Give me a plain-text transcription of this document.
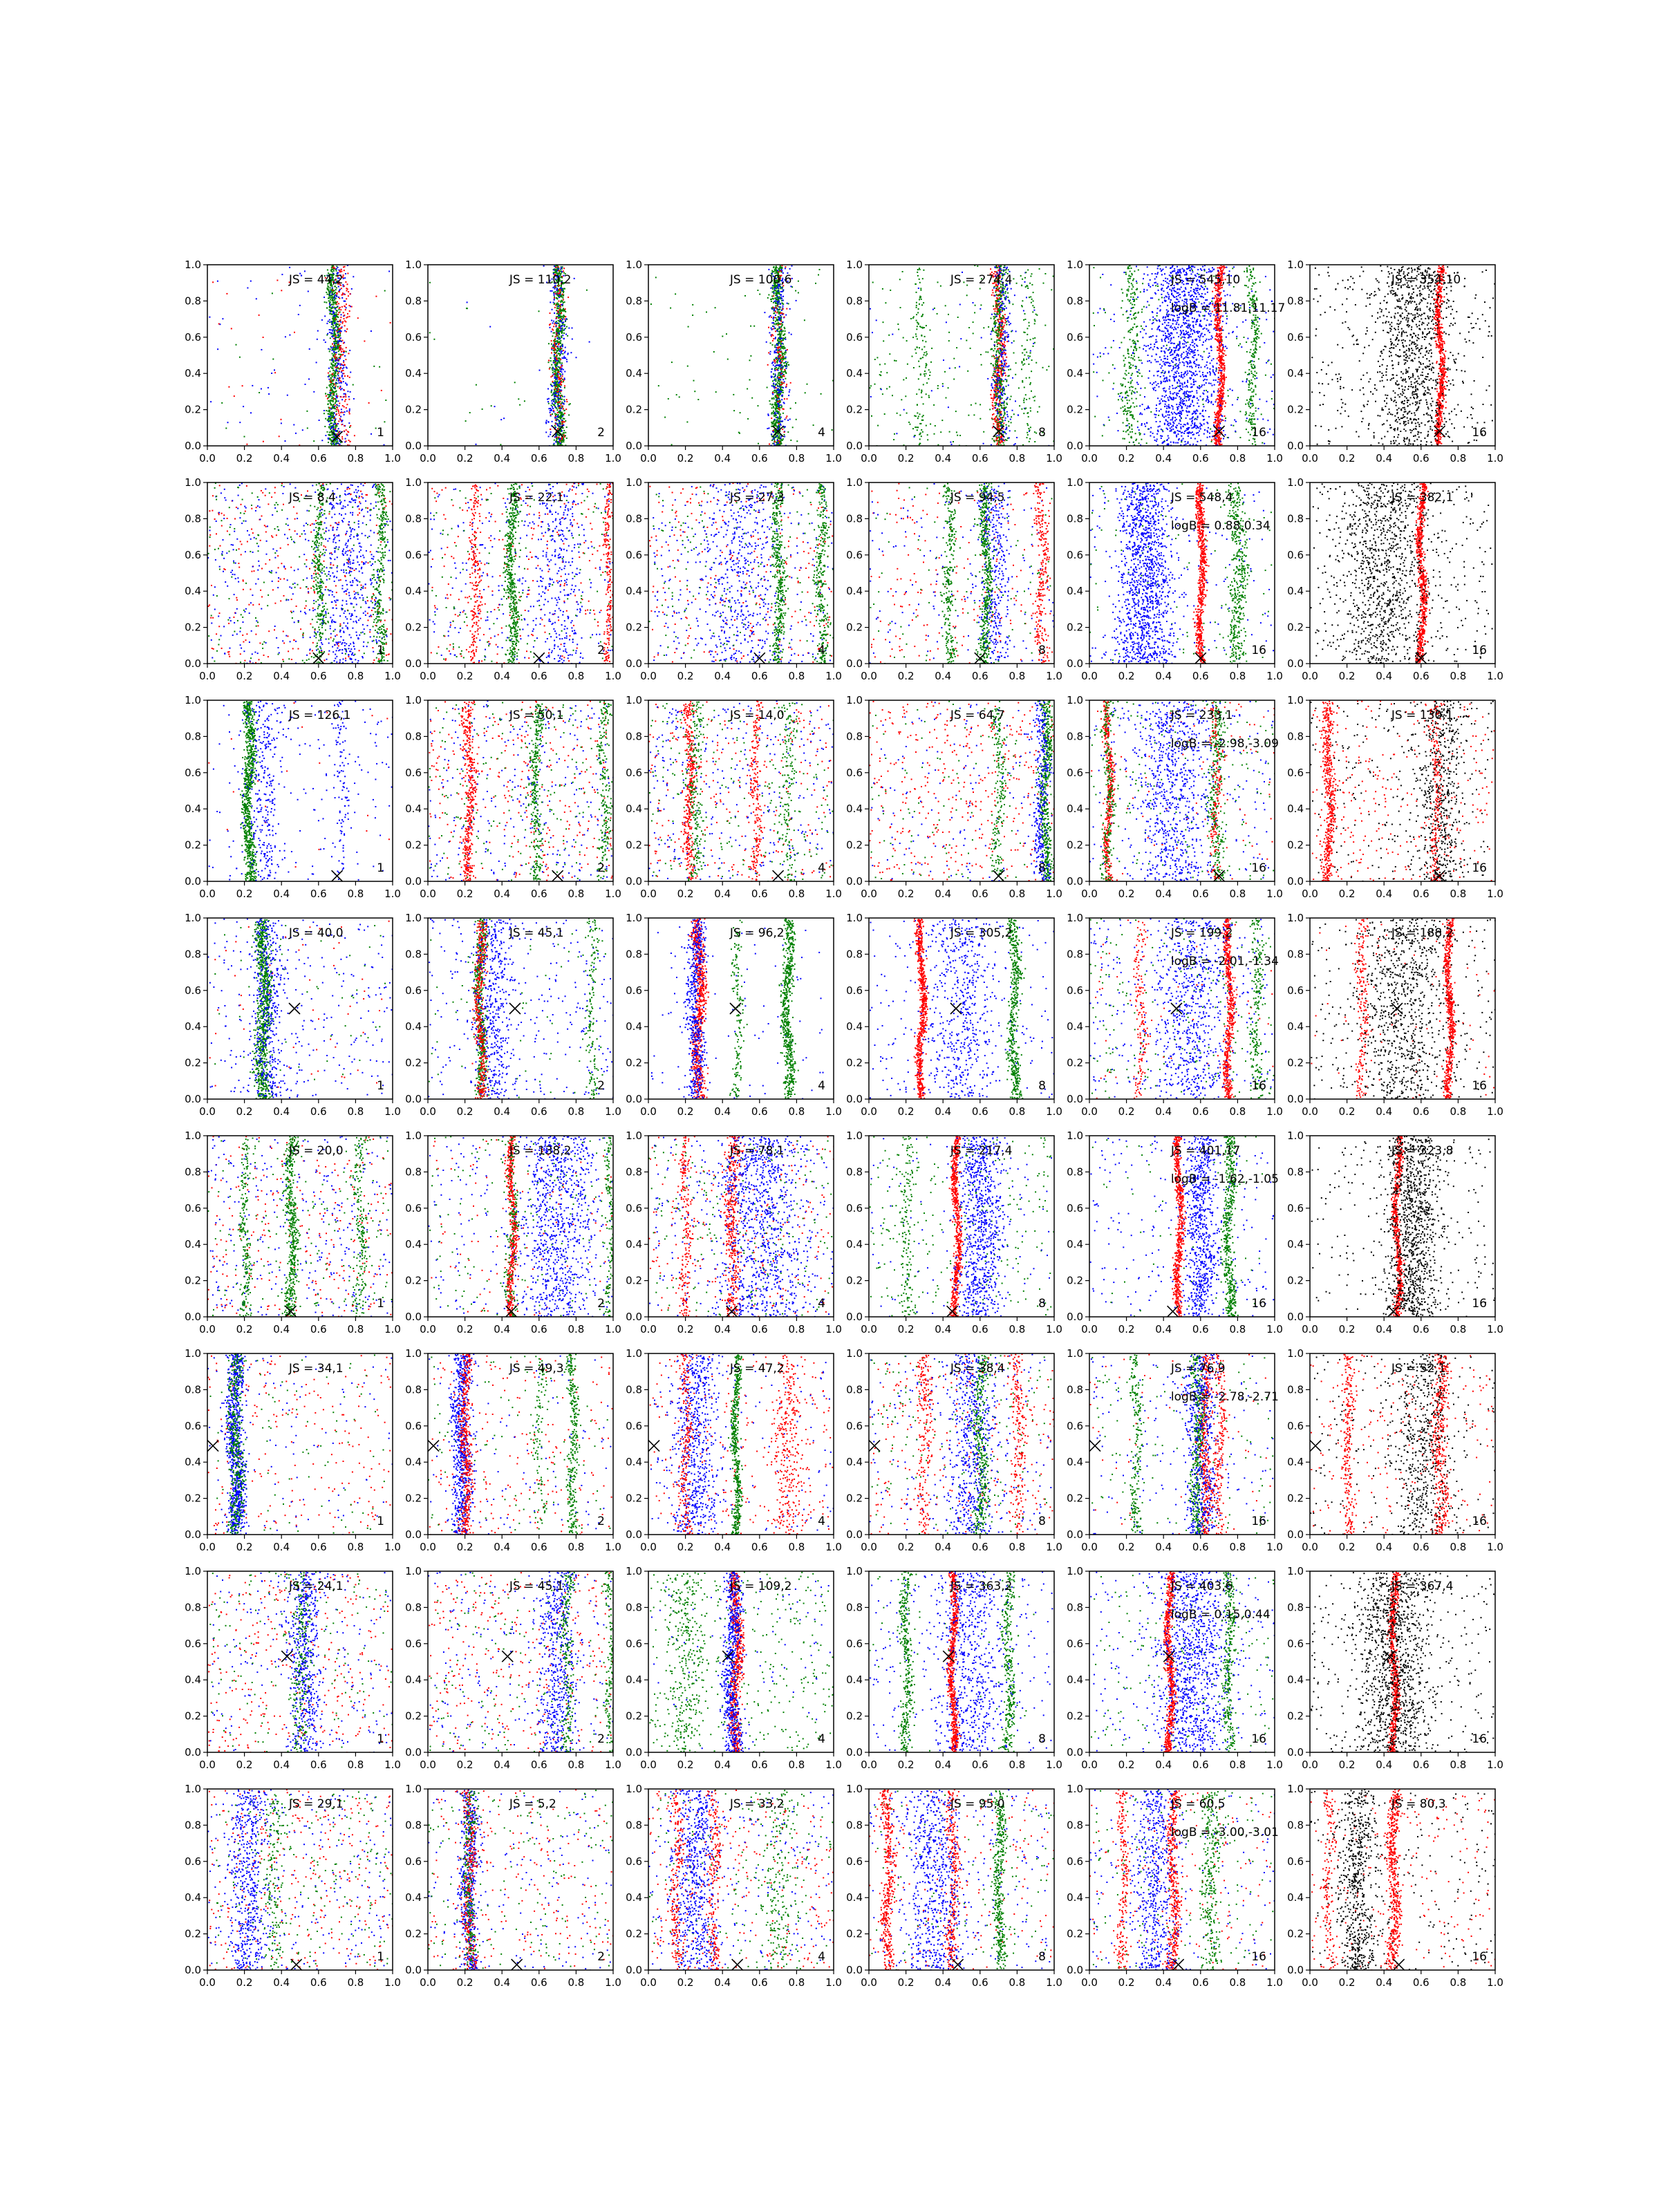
0.0 0.2 0.4 0.6 0.8 1.0
0.0
0.2
0.4
0.6
0.8
1.0
JS = 44,2
1
0.0 0.2 0.4 0.6 0.8 1.0
0.0
0.2
0.4
0.6
0.8
1.0
JS = 110,2
2
0.0 0.2 0.4 0.6 0.8 1.0
0.0
0.2
0.4
0.6
0.8
1.0
JS = 100,6
4
0.0 0.2 0.4 0.6 0.8 1.0
0.0
0.2
0.4
0.6
0.8
1.0
JS = 274,4
8
0.0 0.2 0.4 0.6 0.8 1.0
0.0
0.2
0.4
0.6
0.8
1.0
JS = 545,10
logB = 11.81,11.17
16
0.0 0.2 0.4 0.6 0.8 1.0
0.0
0.2
0.4
0.6
0.8
1.0
JS = 354,10
16
0.0 0.2 0.4 0.6 0.8 1.0
0.0
0.2
0.4
0.6
0.8
1.0
JS = 8,4
1
0.0 0.2 0.4 0.6 0.8 1.0
0.0
0.2
0.4
0.6
0.8
1.0
JS = 22,1
2
0.0 0.2 0.4 0.6 0.8 1.0
0.0
0.2
0.4
0.6
0.8
1.0
JS = 27,3
4
0.0 0.2 0.4 0.6 0.8 1.0
0.0
0.2
0.4
0.6
0.8
1.0
JS = 94,5
8
0.0 0.2 0.4 0.6 0.8 1.0
0.0
0.2
0.4
0.6
0.8
1.0
JS = 548,4
logB = 0.88,0.34
16
0.0 0.2 0.4 0.6 0.8 1.0
0.0
0.2
0.4
0.6
0.8
1.0
JS = 382,1
16
0.0 0.2 0.4 0.6 0.8 1.0
0.0
0.2
0.4
0.6
0.8
1.0
JS = 126,1
1
0.0 0.2 0.4 0.6 0.8 1.0
0.0
0.2
0.4
0.6
0.8
1.0
JS = 50,1
2
0.0 0.2 0.4 0.6 0.8 1.0
0.0
0.2
0.4
0.6
0.8
1.0
JS = 14,0
4
0.0 0.2 0.4 0.6 0.8 1.0
0.0
0.2
0.4
0.6
0.8
1.0
JS = 64,7
8
0.0 0.2 0.4 0.6 0.8 1.0
0.0
0.2
0.4
0.6
0.8
1.0
JS = 233,1
logB = -2.98,-3.09
16
0.0 0.2 0.4 0.6 0.8 1.0
0.0
0.2
0.4
0.6
0.8
1.0
JS = 130,1
16
0.0 0.2 0.4 0.6 0.8 1.0
0.0
0.2
0.4
0.6
0.8
1.0
JS = 40,0
1
0.0 0.2 0.4 0.6 0.8 1.0
0.0
0.2
0.4
0.6
0.8
1.0
JS = 45,1
2
0.0 0.2 0.4 0.6 0.8 1.0
0.0
0.2
0.4
0.6
0.8
1.0
JS = 96,2
4
0.0 0.2 0.4 0.6 0.8 1.0
0.0
0.2
0.4
0.6
0.8
1.0
JS = 305,2
8
0.0 0.2 0.4 0.6 0.8 1.0
0.0
0.2
0.4
0.6
0.8
1.0
JS = 199,2
logB = -2.01,-1.34
16
0.0 0.2 0.4 0.6 0.8 1.0
0.0
0.2
0.4
0.6
0.8
1.0
JS = 188,2
16
0.0 0.2 0.4 0.6 0.8 1.0
0.0
0.2
0.4
0.6
0.8
1.0
JS = 20,0
1
0.0 0.2 0.4 0.6 0.8 1.0
0.0
0.2
0.4
0.6
0.8
1.0
JS = 138,2
2
0.0 0.2 0.4 0.6 0.8 1.0
0.0
0.2
0.4
0.6
0.8
1.0
JS = 78,1
4
0.0 0.2 0.4 0.6 0.8 1.0
0.0
0.2
0.4
0.6
0.8
1.0
JS = 217,4
8
0.0 0.2 0.4 0.6 0.8 1.0
0.0
0.2
0.4
0.6
0.8
1.0
JS = 401,17
logB = -1.62,-1.05
16
0.0 0.2 0.4 0.6 0.8 1.0
0.0
0.2
0.4
0.6
0.8
1.0
JS = 323,8
16
0.0 0.2 0.4 0.6 0.8 1.0
0.0
0.2
0.4
0.6
0.8
1.0
JS = 34,1
1
0.0 0.2 0.4 0.6 0.8 1.0
0.0
0.2
0.4
0.6
0.8
1.0
JS = 49,3
2
0.0 0.2 0.4 0.6 0.8 1.0
0.0
0.2
0.4
0.6
0.8
1.0
JS = 47,2
4
0.0 0.2 0.4 0.6 0.8 1.0
0.0
0.2
0.4
0.6
0.8
1.0
JS = 38,4
8
0.0 0.2 0.4 0.6 0.8 1.0
0.0
0.2
0.4
0.6
0.8
1.0
JS = 76,9
logB = -2.78,-2.71
16
0.0 0.2 0.4 0.6 0.8 1.0
0.0
0.2
0.4
0.6
0.8
1.0
JS = 52,1
16
0.0 0.2 0.4 0.6 0.8 1.0
0.0
0.2
0.4
0.6
0.8
1.0
JS = 24,1
1
0.0 0.2 0.4 0.6 0.8 1.0
0.0
0.2
0.4
0.6
0.8
1.0
JS = 45,1
2
0.0 0.2 0.4 0.6 0.8 1.0
0.0
0.2
0.4
0.6
0.8
1.0
JS = 109,2
4
0.0 0.2 0.4 0.6 0.8 1.0
0.0
0.2
0.4
0.6
0.8
1.0
JS = 363,2
8
0.0 0.2 0.4 0.6 0.8 1.0
0.0
0.2
0.4
0.6
0.8
1.0
JS = 403,6
logB = 0.15,0.44
16
0.0 0.2 0.4 0.6 0.8 1.0
0.0
0.2
0.4
0.6
0.8
1.0
JS = 367,4
16
0.0 0.2 0.4 0.6 0.8 1.0
0.0
0.2
0.4
0.6
0.8
1.0
JS = 29,1
1
0.0 0.2 0.4 0.6 0.8 1.0
0.0
0.2
0.4
0.6
0.8
1.0
JS = 5,2
2
0.0 0.2 0.4 0.6 0.8 1.0
0.0
0.2
0.4
0.6
0.8
1.0
JS = 33,2
4
0.0 0.2 0.4 0.6 0.8 1.0
0.0
0.2
0.4
0.6
0.8
1.0
JS = 95,0
8
0.0 0.2 0.4 0.6 0.8 1.0
0.0
0.2
0.4
0.6
0.8
1.0
JS = 60,5
logB = -3.00,-3.01
16
0.0 0.2 0.4 0.6 0.8 1.0
0.0
0.2
0.4
0.6
0.8
1.0
JS = 80,3
16
